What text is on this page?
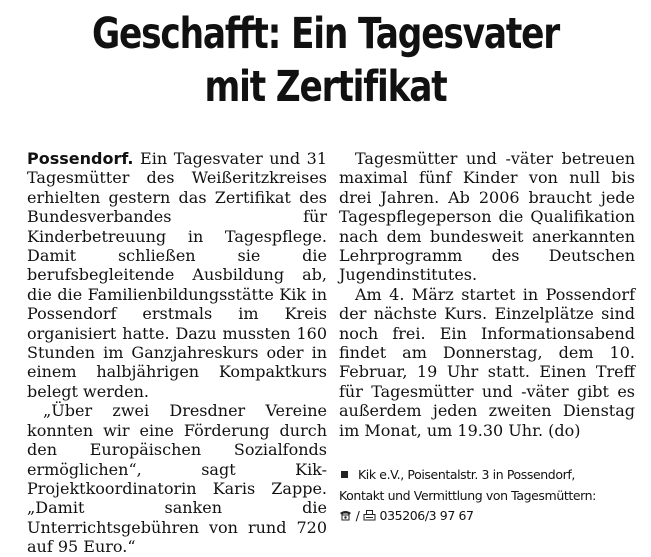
Geschafft: Ein Tagesvater
mit Zertifikat

Possendorf. Ein Tagesvater und 31 Tagesmütter des Weißeritzkreises erhielten gestern das Zertifikat des Bundesverbandes für Kinderbetreuung in Tagespflege. Damit schließen sie die berufsbegleitende Ausbildung ab, die die Familienbildungsstätte Kik in Possendorf erstmals im Kreis organisiert hatte. Dazu mussten 160 Stunden im Ganzjahreskurs oder in einem halbjährigen Kompaktkurs belegt werden.

„Über zwei Dresdner Vereine konnten wir eine Förderung durch den Europäischen Sozialfonds ermöglichen“, sagt Kik-Projektkoordinatorin Karis Zappe. „Damit sanken die Unterrichtsgebühren von rund 720 auf 95 Euro.“

Tagesmütter und -väter betreuen maximal fünf Kinder von null bis drei Jahren. Ab 2006 braucht jede Tagespflegeperson die Qualifikation nach dem bundesweit anerkannten Lehrprogramm des Deutschen Jugendinstitutes.

Am 4. März startet in Possendorf der nächste Kurs. Einzelplätze sind noch frei. Ein Informationsabend findet am Donnerstag, dem 10. Februar, 19 Uhr statt. Einen Treff für Tagesmütter und -väter gibt es außerdem jeden zweiten Dienstag im Monat, um 19.30 Uhr. (do)

Kik e.V., Poisentalstr. 3 in Possendorf,
Kontakt und Vermittlung von Tagesmüttern:
/
035206/3 97 67
